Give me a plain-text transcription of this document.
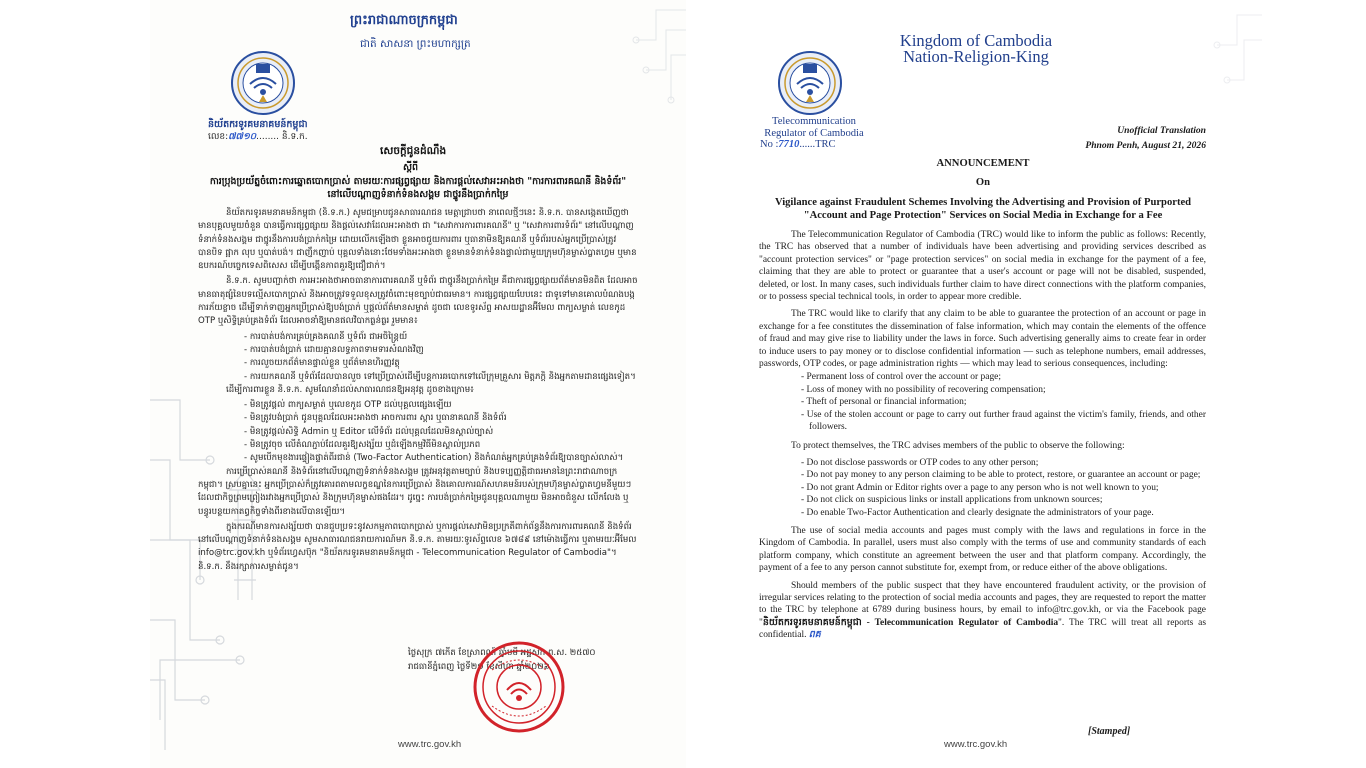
ព្រះរាជាណាចក្រកម្ពុជា
ជាតិ សាសនា ព្រះមហាក្សត្រ
និយ័តករទូរគមនាគមន៍កម្ពុជា
លេខ:៧៧១០........ និ.ទ.ក.
សេចក្តីជូនដំណឹង
ស្តីពី
ការប្រុងប្រយ័ត្នចំពោះការឆ្នោតបោកប្រាស់ តាមរយៈការផ្សព្វផ្សាយ និងការផ្តល់សេវាអះអាងថា "ការការពារគណនី និងទំព័រ" នៅលើបណ្តាញទំនាក់ទំនងសង្គម ជាថ្នូរនឹងប្រាក់កម្រៃ

និយ័តករទូរគមនាគមន៍កម្ពុជា (និ.ទ.ក.) សូមជម្រាបជូនសាធារណជន មេត្តាជ្រាបថា នាពេលថ្មីៗនេះ និ.ទ.ក. បានសង្កេតឃើញថា មានបុគ្គលមួយចំនួន បានធ្វើការផ្សព្វផ្សាយ និងផ្តល់សេវាដែលអះអាងថា ជា "សេវាការការពារគណនី" ឬ "សេវាការពារទំព័រ" នៅលើបណ្តាញទំនាក់ទំនងសង្គម ជាថ្នូរនឹងការបង់ប្រាក់កម្រៃ ដោយលើកឡើងថា ខ្លួនអាចជួយការពារ ឬធានាមិនឱ្យគណនី ឬទំព័ររបស់អ្នកប្រើប្រាស់ត្រូវបានបិទ ផ្អាក លុប ឬបាត់បង់។ ជាញឹកញាប់ បុគ្គលទាំងនោះថែមទាំងអះអាងថា ខ្លួនមានទំនាក់ទំនងផ្ទាល់ជាមួយក្រុមហ៊ុនម្ចាស់ប្លាតហ្វម ឬមានឧបករណ៍បច្ចេកទេសពិសេស ដើម្បីបង្កើនភាពគួរឱ្យជឿជាក់។

និ.ទ.ក. សូមបញ្ជាក់ថា ការអះអាងថាអាចធានាការពារគណនី ឬទំព័រ ជាថ្នូរនឹងប្រាក់កម្រៃ គឺជាការផ្សព្វផ្សាយព័ត៌មានមិនពិត ដែលអាចមានធាតុផ្សំនៃបទល្មើសបោកប្រាស់ និងអាចត្រូវទទួលខុសត្រូវចំពោះមុខច្បាប់ជាធរមាន។ ការផ្សព្វផ្សាយបែបនេះ ជាទូទៅមានគោលបំណងបង្កការភ័យខ្លាច ដើម្បីទាក់ទាញអ្នកប្រើប្រាស់ឱ្យបង់ប្រាក់ ឬផ្តល់ព័ត៌មានសម្ងាត់ ដូចជា លេខទូរស័ព្ទ អាសយដ្ឋានអ៊ីមែល ពាក្យសម្ងាត់ លេខកូដ OTP ឬសិទ្ធិគ្រប់គ្រងទំព័រ ដែលអាចនាំឱ្យមានផលវិបាកធ្ងន់ធ្ងរ រួមមាន៖

- ការបាត់បង់ការគ្រប់គ្រងគណនី ឬទំព័រ ជាអចិន្ត្រៃយ៍
- ការបាត់បង់ប្រាក់ ដោយគ្មានលទ្ធភាពទាមទារសំណងវិញ
- ការលួចយកព័ត៌មានផ្ទាល់ខ្លួន ឬព័ត៌មានហិរញ្ញវត្ថុ
- ការយកគណនី ឬទំព័រដែលបានលួច ទៅប្រើប្រាស់ដើម្បីបន្តការឆបោកទៅលើក្រុមគ្រួសារ មិត្តភក្តិ និងអ្នកតាមដានផ្សេងទៀត។

ដើម្បីការពារខ្លួន និ.ទ.ក. សូមណែនាំដល់សាធារណជនឱ្យអនុវត្ត ដូចខាងក្រោម៖

- មិនត្រូវផ្តល់ ពាក្យសម្ងាត់ ឬលេខកូដ OTP ដល់បុគ្គលផ្សេងឡើយ
- មិនត្រូវបង់ប្រាក់ ជូនបុគ្គលដែលអះអាងថា អាចការពារ ស្តារ ឬធានាគណនី និងទំព័រ
- មិនត្រូវផ្តល់សិទ្ធិ Admin ឬ Editor លើទំព័រ ដល់បុគ្គលដែលមិនស្គាល់ច្បាស់
- មិនត្រូវចុច លើតំណភ្ជាប់ដែលគួរឱ្យសង្ស័យ ឬដំឡើងកម្មវិធីមិនស្គាល់ប្រភព
- សូមបើកមុខងារផ្ទៀងផ្ទាត់ពីរជាន់ (Two-Factor Authentication) និងកំណត់អ្នកគ្រប់គ្រងទំព័រឱ្យបានច្បាស់លាស់។

ការប្រើប្រាស់គណនី និងទំព័រនៅលើបណ្តាញទំនាក់ទំនងសង្គម ត្រូវអនុវត្តតាមច្បាប់ និងបទប្បញ្ញត្តិជាធរមាននៃព្រះរាជាណាចក្រកម្ពុជា។ ស្របគ្នានេះ អ្នកប្រើប្រាស់ក៏ត្រូវគោរពតាមលក្ខខណ្ឌនៃការប្រើប្រាស់ និងគោលការណ៍សហគមន៍របស់ក្រុមហ៊ុនម្ចាស់ប្លាតហ្វមនីមួយៗ ដែលជាកិច្ចព្រមព្រៀងរវាងអ្នកប្រើប្រាស់ និងក្រុមហ៊ុនម្ចាស់ផងដែរ។ ដូច្នេះ ការបង់ប្រាក់កម្រៃជូនបុគ្គលណាមួយ មិនអាចជំនួស លើកលែង ឬបន្ធូរបន្ថយកាតព្វកិច្ចទាំងពីរខាងលើបានឡើយ។

ក្នុងករណីមានការសង្ស័យថា បានជួបប្រទះនូវសកម្មភាពបោកប្រាស់ ឬការផ្តល់សេវាមិនប្រក្រតីពាក់ព័ន្ធនឹងការការពារគណនី និងទំព័រនៅលើបណ្តាញទំនាក់ទំនងសង្គម សូមសាធារណជនរាយការណ៍មក និ.ទ.ក. តាមរយៈទូរស័ព្ទលេខ ៦៧៨៩ នៅម៉ោងធ្វើការ ឬតាមរយៈអ៊ីមែល info@trc.gov.kh ឬទំព័រហ្វេសប៊ុក "និយ័តករទូរគមនាគមន៍កម្ពុជា - Telecommunication Regulator of Cambodia"។ និ.ទ.ក. នឹងរក្សាការសម្ងាត់ជូន។

ថ្ងៃសុក្រ ៧កើត ខែស្រាពណ៍ ឆ្នាំមមី អដ្ឋស័ក ព.ស. ២៥៧០
រាជធានីភ្នំពេញ ថ្ងៃទី២១ ខែសីហា ឆ្នាំ២០២៦
www.trc.gov.kh
Kingdom of Cambodia
Nation-Religion-King
Telecommunication
Regulator of Cambodia
No :7710......TRC
Unofficial Translation
Phnom Penh, August 21, 2026
ANNOUNCEMENT
On
Vigilance against Fraudulent Schemes Involving the Advertising and Provision of Purported
"Account and Page Protection" Services on Social Media in Exchange for a Fee

The Telecommunication Regulator of Cambodia (TRC) would like to inform the public as follows: Recently, the TRC has observed that a number of individuals have been advertising and providing services described as "account protection services" or "page protection services" on social media in exchange for the payment of a fee, claiming that they are able to protect or guarantee that a user's account or page will not be disabled, suspended, deleted, or lost. In many cases, such individuals further claim to have direct connections with the platform companies, or to possess special technical tools, in order to appear more credible.

The TRC would like to clarify that any claim to be able to guarantee the protection of an account or page in exchange for a fee constitutes the dissemination of false information, which may contain the elements of the offence of fraud and may give rise to liability under the laws in force. Such advertising generally aims to create fear in order to induce users to pay money or to disclose confidential information — such as telephone numbers, email addresses, passwords, OTP codes, or page administration rights — which may lead to serious consequences, including:

- Permanent loss of control over the account or page;
- Loss of money with no possibility of recovering compensation;
- Theft of personal or financial information;
- Use of the stolen account or page to carry out further fraud against the victim's family, friends, and other followers.

To protect themselves, the TRC advises members of the public to observe the following:

- Do not disclose passwords or OTP codes to any other person;
- Do not pay money to any person claiming to be able to protect, restore, or guarantee an account or page;
- Do not grant Admin or Editor rights over a page to any person who is not well known to you;
- Do not click on suspicious links or install applications from unknown sources;
- Do enable Two-Factor Authentication and clearly designate the administrators of your page.

The use of social media accounts and pages must comply with the laws and regulations in force in the Kingdom of Cambodia. In parallel, users must also comply with the terms of use and community standards of each platform company, which constitute an agreement between the user and that platform company. Accordingly, the payment of a fee to any person cannot substitute for, exempt from, or reduce either of the above obligations.

Should members of the public suspect that they have encountered fraudulent activity, or the provision of irregular services relating to the protection of social media accounts and pages, they are requested to report the matter to the TRC by telephone at 6789 during business hours, by email to info@trc.gov.kh, or via the Facebook page "និយ័តករទូរគមនាគមន៍កម្ពុជា - Telecommunication Regulator of Cambodia". The TRC will treat all reports as confidential. ពគ

[Stamped]
www.trc.gov.kh
